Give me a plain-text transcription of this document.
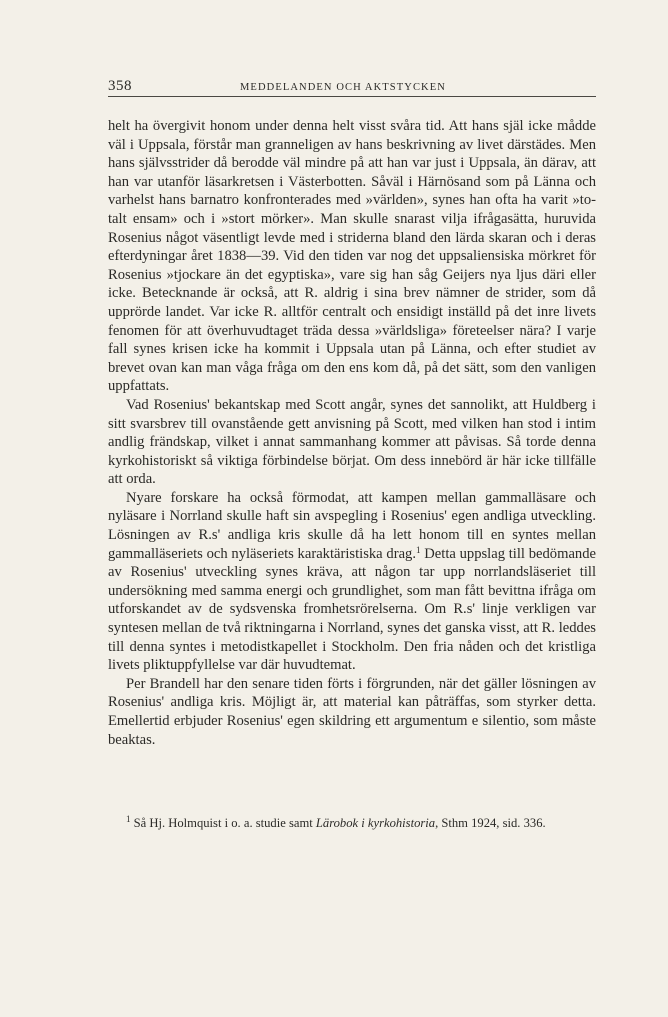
358	MEDDELANDEN OCH AKTSTYCKEN

helt ha övergivit honom under denna helt visst svåra tid. Att hans själ icke mådde väl i Uppsala, förstår man granneligen av hans beskrivning av livet därstädes. Men hans självsstrider då berodde väl mindre på att han var just i Uppsala, än därav, att han var utanför läsarkretsen i Västerbotten. Såväl i Härnösand som på Länna och varhelst hans barnatro konfronterades med »världen», synes han ofta ha varit »totalt ensam» och i »stort mörker». Man skulle snarast vilja ifrågasätta, huruvida Rosenius något väsentligt levde med i striderna bland den lärda skaran och i deras efterdyningar året 1838—39. Vid den tiden var nog det uppsaliensiska mörkret för Rosenius »tjockare än det egyptiska», vare sig han såg Geijers nya ljus däri eller icke. Betecknande är också, att R. aldrig i sina brev nämner de strider, som då upprörde landet. Var icke R. alltför centralt och ensidigt inställd på det inre livets fenomen för att överhuvudtaget träda dessa »världsliga» företeelser nära? I varje fall synes krisen icke ha kommit i Uppsala utan på Länna, och efter studiet av brevet ovan kan man våga fråga om den ens kom då, på det sätt, som den vanligen uppfattats.

Vad Rosenius' bekantskap med Scott angår, synes det sannolikt, att Huldberg i sitt svarsbrev till ovanstående gett anvisning på Scott, med vilken han stod i intim andlig frändskap, vilket i annat sammanhang kommer att påvisas. Så torde denna kyrkohistoriskt så viktiga förbindelse börjat. Om dess innebörd är här icke tillfälle att orda.

Nyare forskare ha också förmodat, att kampen mellan gammalläsare och nyläsare i Norrland skulle haft sin avspegling i Rosenius' egen andliga utveckling. Lösningen av R.s' andliga kris skulle då ha lett honom till en syntes mellan gammalläseriets och nyläseriets karaktäristiska drag.$^1$ Detta uppslag till bedömande av Rosenius' utveckling synes kräva, att någon tar upp norrlandsläseriet till undersökning med samma energi och grundlighet, som man fått bevittna ifråga om utforskandet av de sydsvenska fromhetsrörelserna. Om R.s' linje verkligen var syntesen mellan de två riktningarna i Norrland, synes det ganska visst, att R. leddes till denna syntes i metodistkapellet i Stockholm. Den fria nåden och det kristliga livets pliktuppfyllelse var där huvudtemat.

Per Brandell har den senare tiden förts i förgrunden, när det gäller lösningen av Rosenius' andliga kris. Möjligt är, att material kan påträffas, som styrker detta. Emellertid erbjuder Rosenius' egen skildring ett argumentum e silentio, som måste beaktas.

$^1$ Så Hj. Holmquist i o. a. studie samt Lärobok i kyrkohistoria, Sthm 1924, sid. 336.
